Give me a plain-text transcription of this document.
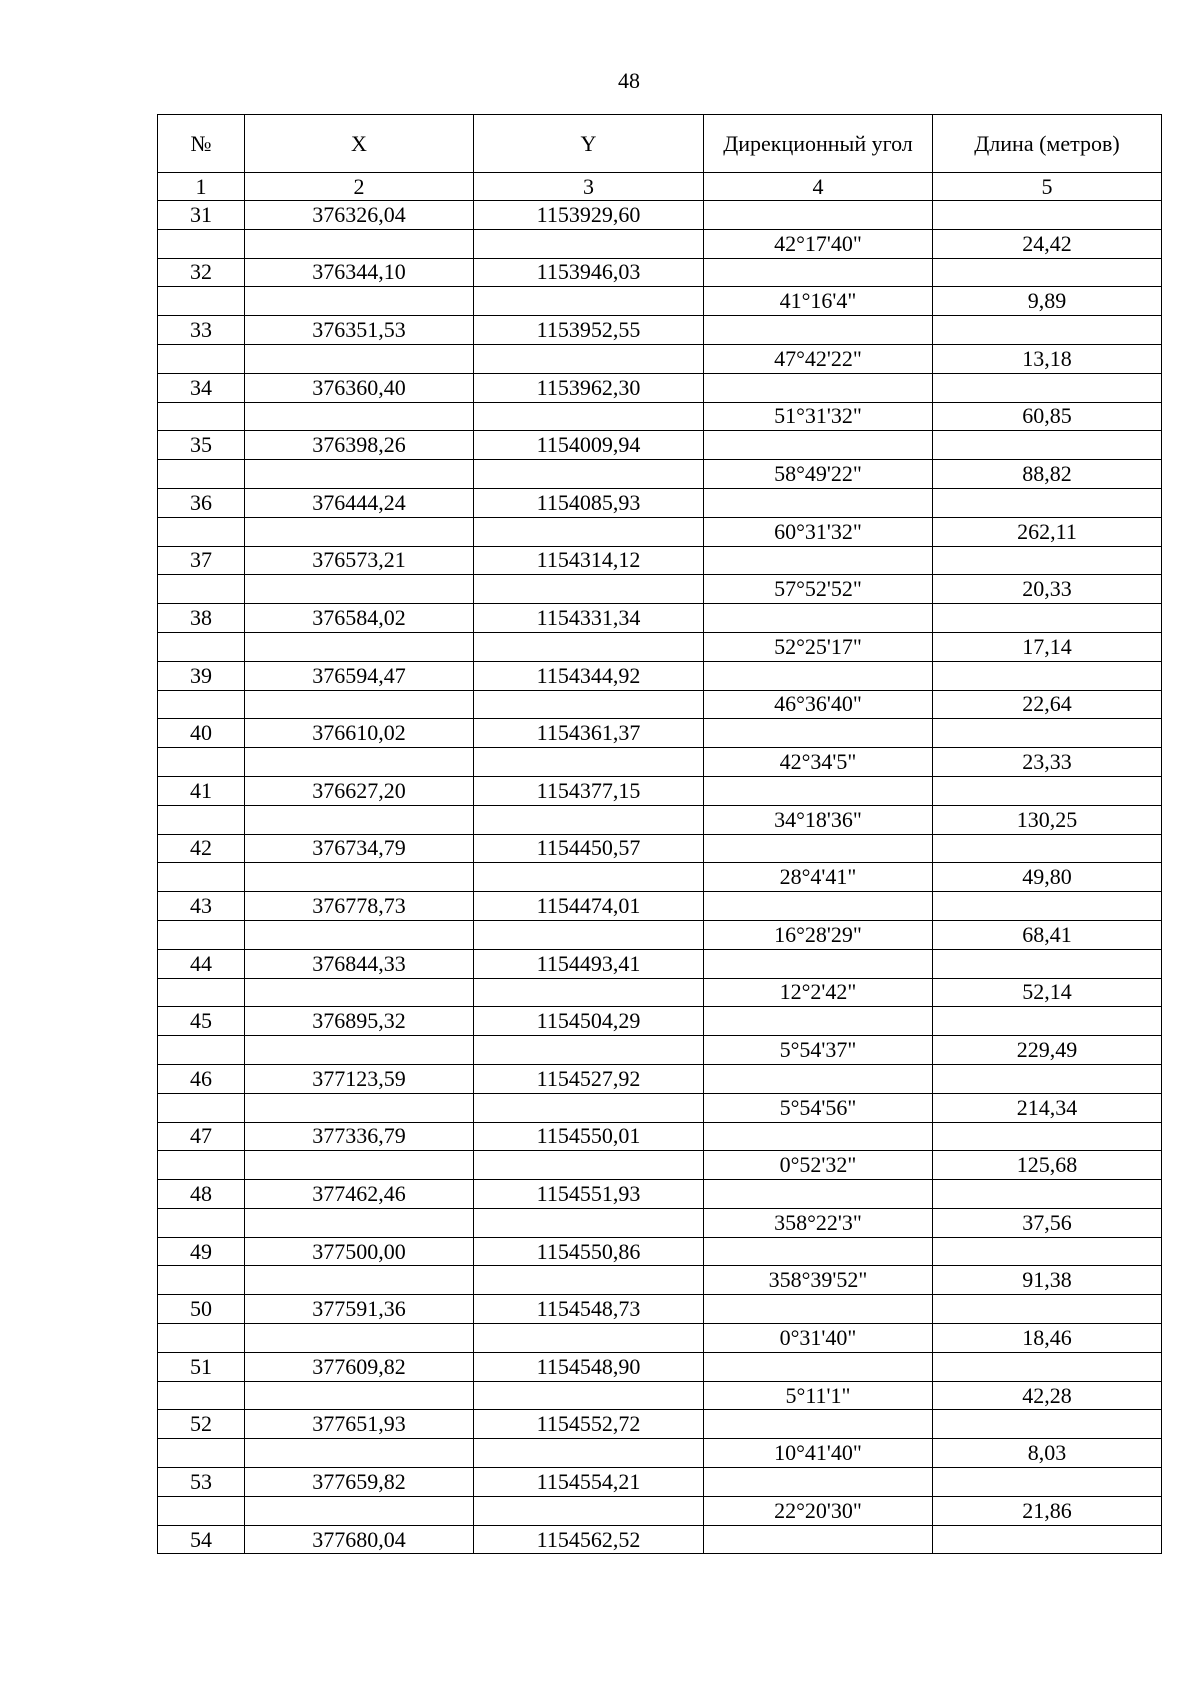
48
№	X	Y	Дирекционный угол	Длина (метров)
1	2	3	4	5
31	376326,04	1153929,60		
			42°17'40"	24,42
32	376344,10	1153946,03		
			41°16'4"	9,89
33	376351,53	1153952,55		
			47°42'22"	13,18
34	376360,40	1153962,30		
			51°31'32"	60,85
35	376398,26	1154009,94		
			58°49'22"	88,82
36	376444,24	1154085,93		
			60°31'32"	262,11
37	376573,21	1154314,12		
			57°52'52"	20,33
38	376584,02	1154331,34		
			52°25'17"	17,14
39	376594,47	1154344,92		
			46°36'40"	22,64
40	376610,02	1154361,37		
			42°34'5"	23,33
41	376627,20	1154377,15		
			34°18'36"	130,25
42	376734,79	1154450,57		
			28°4'41"	49,80
43	376778,73	1154474,01		
			16°28'29"	68,41
44	376844,33	1154493,41		
			12°2'42"	52,14
45	376895,32	1154504,29		
			5°54'37"	229,49
46	377123,59	1154527,92		
			5°54'56"	214,34
47	377336,79	1154550,01		
			0°52'32"	125,68
48	377462,46	1154551,93		
			358°22'3"	37,56
49	377500,00	1154550,86		
			358°39'52"	91,38
50	377591,36	1154548,73		
			0°31'40"	18,46
51	377609,82	1154548,90		
			5°11'1"	42,28
52	377651,93	1154552,72		
			10°41'40"	8,03
53	377659,82	1154554,21		
			22°20'30"	21,86
54	377680,04	1154562,52		
